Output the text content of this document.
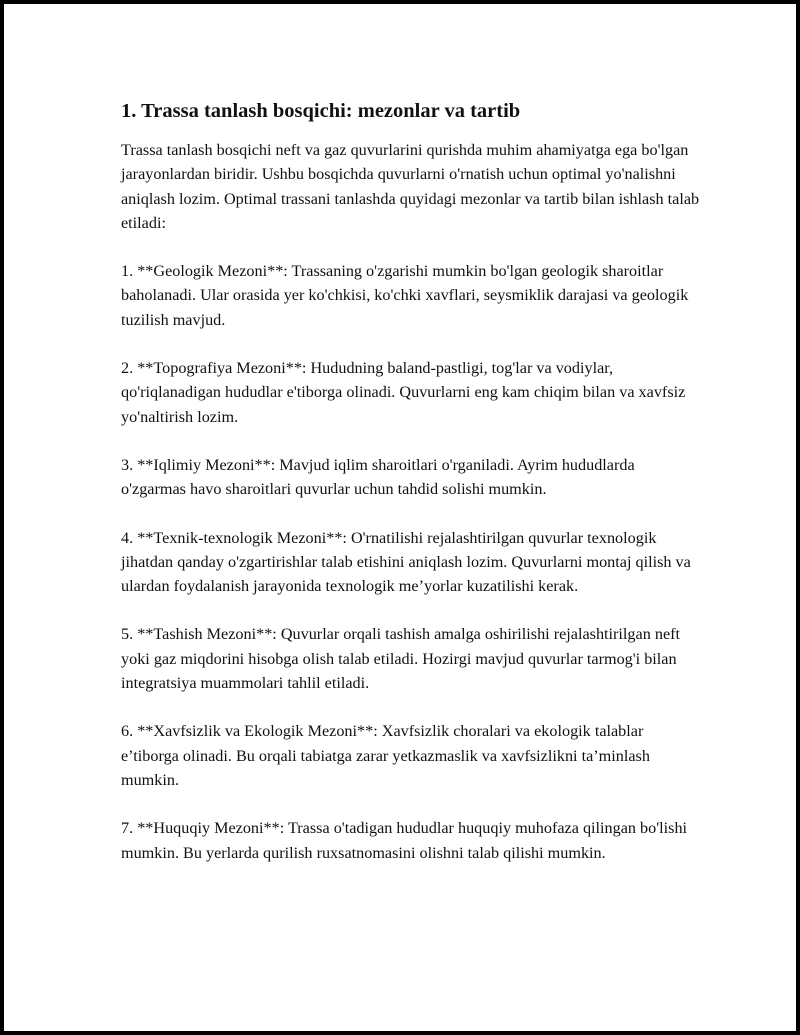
1. Trassa tanlash bosqichi: mezonlar va tartib

Trassa tanlash bosqichi neft va gaz quvurlarini qurishda muhim ahamiyatga ega bo'lgan jarayonlardan biridir. Ushbu bosqichda quvurlarni o'rnatish uchun optimal yo'nalishni aniqlash lozim. Optimal trassani tanlashda quyidagi mezonlar va tartib bilan ishlash talab etiladi:

1. **Geologik Mezoni**: Trassaning o'zgarishi mumkin bo'lgan geologik sharoitlar baholanadi. Ular orasida yer ko'chkisi, ko'chki xavflari, seysmiklik darajasi va geologik tuzilish mavjud.

2. **Topografiya Mezoni**: Hududning baland-pastligi, tog'lar va vodiylar, qo'riqlanadigan hududlar e'tiborga olinadi. Quvurlarni eng kam chiqim bilan va xavfsiz yo'naltirish lozim.

3. **Iqlimiy Mezoni**: Mavjud iqlim sharoitlari o'rganiladi. Ayrim hududlarda o'zgarmas havo sharoitlari quvurlar uchun tahdid solishi mumkin.

4. **Texnik-texnologik Mezoni**: O'rnatilishi rejalashtirilgan quvurlar texnologik jihatdan qanday o'zgartirishlar talab etishini aniqlash lozim. Quvurlarni montaj qilish va ulardan foydalanish jarayonida texnologik me’yorlar kuzatilishi kerak.

5. **Tashish Mezoni**: Quvurlar orqali tashish amalga oshirilishi rejalashtirilgan neft yoki gaz miqdorini hisobga olish talab etiladi. Hozirgi mavjud quvurlar tarmog'i bilan integratsiya muammolari tahlil etiladi.

6. **Xavfsizlik va Ekologik Mezoni**: Xavfsizlik choralari va ekologik talablar e’tiborga olinadi. Bu orqali tabiatga zarar yetkazmaslik va xavfsizlikni ta’minlash mumkin.

7. **Huquqiy Mezoni**: Trassa o'tadigan hududlar huquqiy muhofaza qilingan bo'lishi mumkin. Bu yerlarda qurilish ruxsatnomasini olishni talab qilishi mumkin.
